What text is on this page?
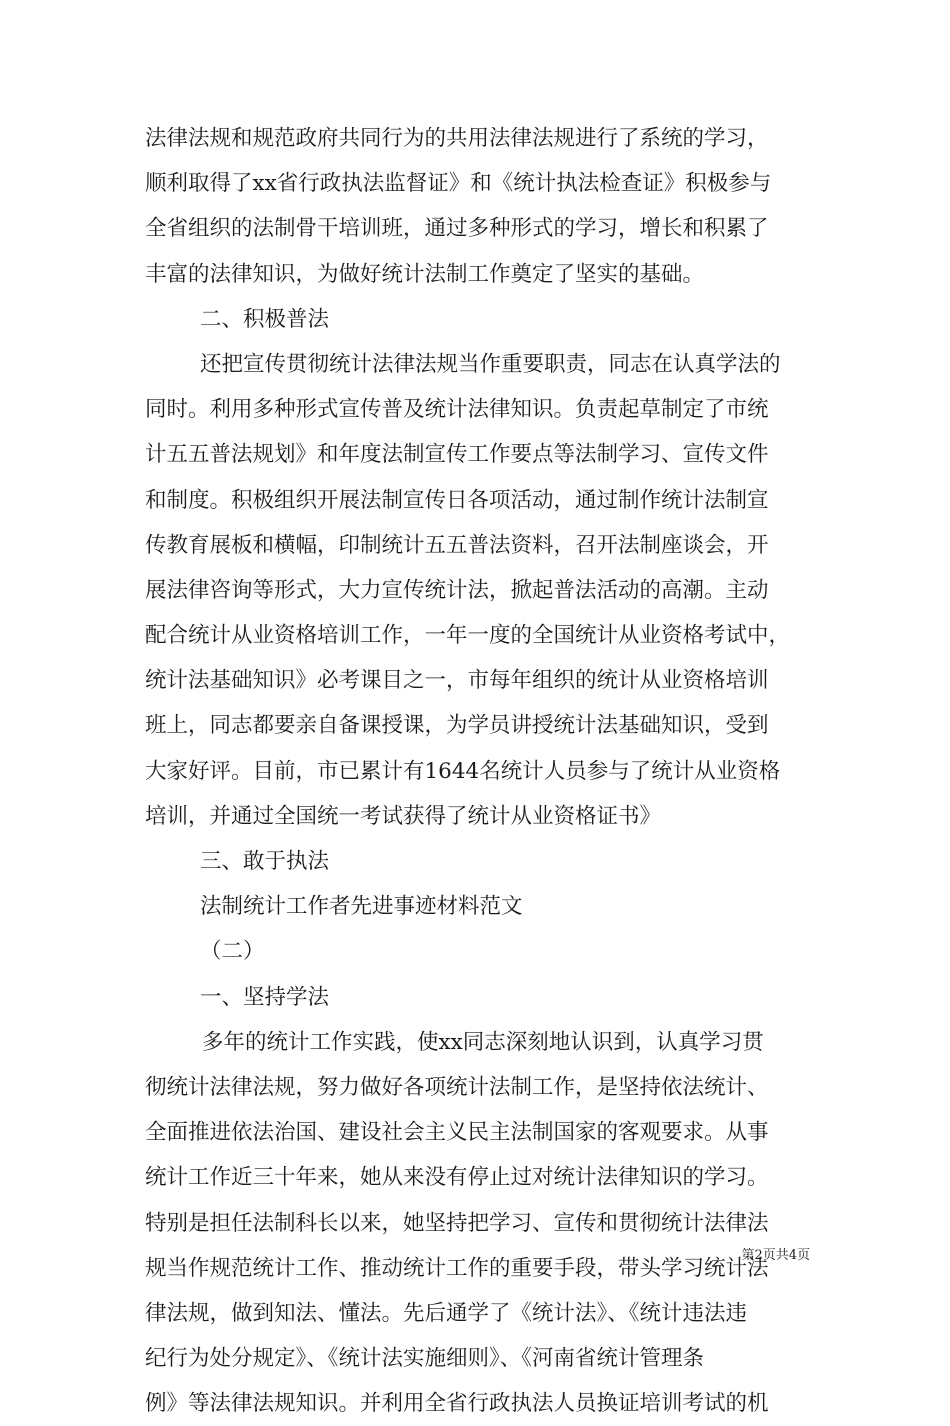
法律法规和规范政府共同行为的共用法律法规进行了系统的学习，
顺利取得了xx省行政执法监督证》和《统计执法检查证》积极参与
全省组织的法制骨干培训班，通过多种形式的学习，增长和积累了
丰富的法律知识，为做好统计法制工作奠定了坚实的基础。
二、积极普法
还把宣传贯彻统计法律法规当作重要职责，同志在认真学法的
同时。利用多种形式宣传普及统计法律知识。负责起草制定了市统
计五五普法规划》和年度法制宣传工作要点等法制学习、宣传文件
和制度。积极组织开展法制宣传日各项活动，通过制作统计法制宣
传教育展板和横幅，印制统计五五普法资料，召开法制座谈会，开
展法律咨询等形式，大力宣传统计法，掀起普法活动的高潮。主动
配合统计从业资格培训工作，一年一度的全国统计从业资格考试中，
统计法基础知识》必考课目之一，市每年组织的统计从业资格培训
班上，同志都要亲自备课授课，为学员讲授统计法基础知识，受到
大家好评。目前，市已累计有1644名统计人员参与了统计从业资格
培训，并通过全国统一考试获得了统计从业资格证书》
三、敢于执法
法制统计工作者先进事迹材料范文
（二）
一、坚持学法
多年的统计工作实践，使xx同志深刻地认识到，认真学习贯
彻统计法律法规，努力做好各项统计法制工作，是坚持依法统计、
全面推进依法治国、建设社会主义民主法制国家的客观要求。从事
统计工作近三十年来，她从来没有停止过对统计法律知识的学习。
特别是担任法制科长以来，她坚持把学习、宣传和贯彻统计法律法
规当作规范统计工作、推动统计工作的重要手段，带头学习统计法
律法规，做到知法、懂法。先后通学了《统计法》、《统计违法违
纪行为处分规定》、《统计法实施细则》、《河南省统计管理条
例》等法律法规知识。并利用全省行政执法人员换证培训考试的机
第2页共4页
